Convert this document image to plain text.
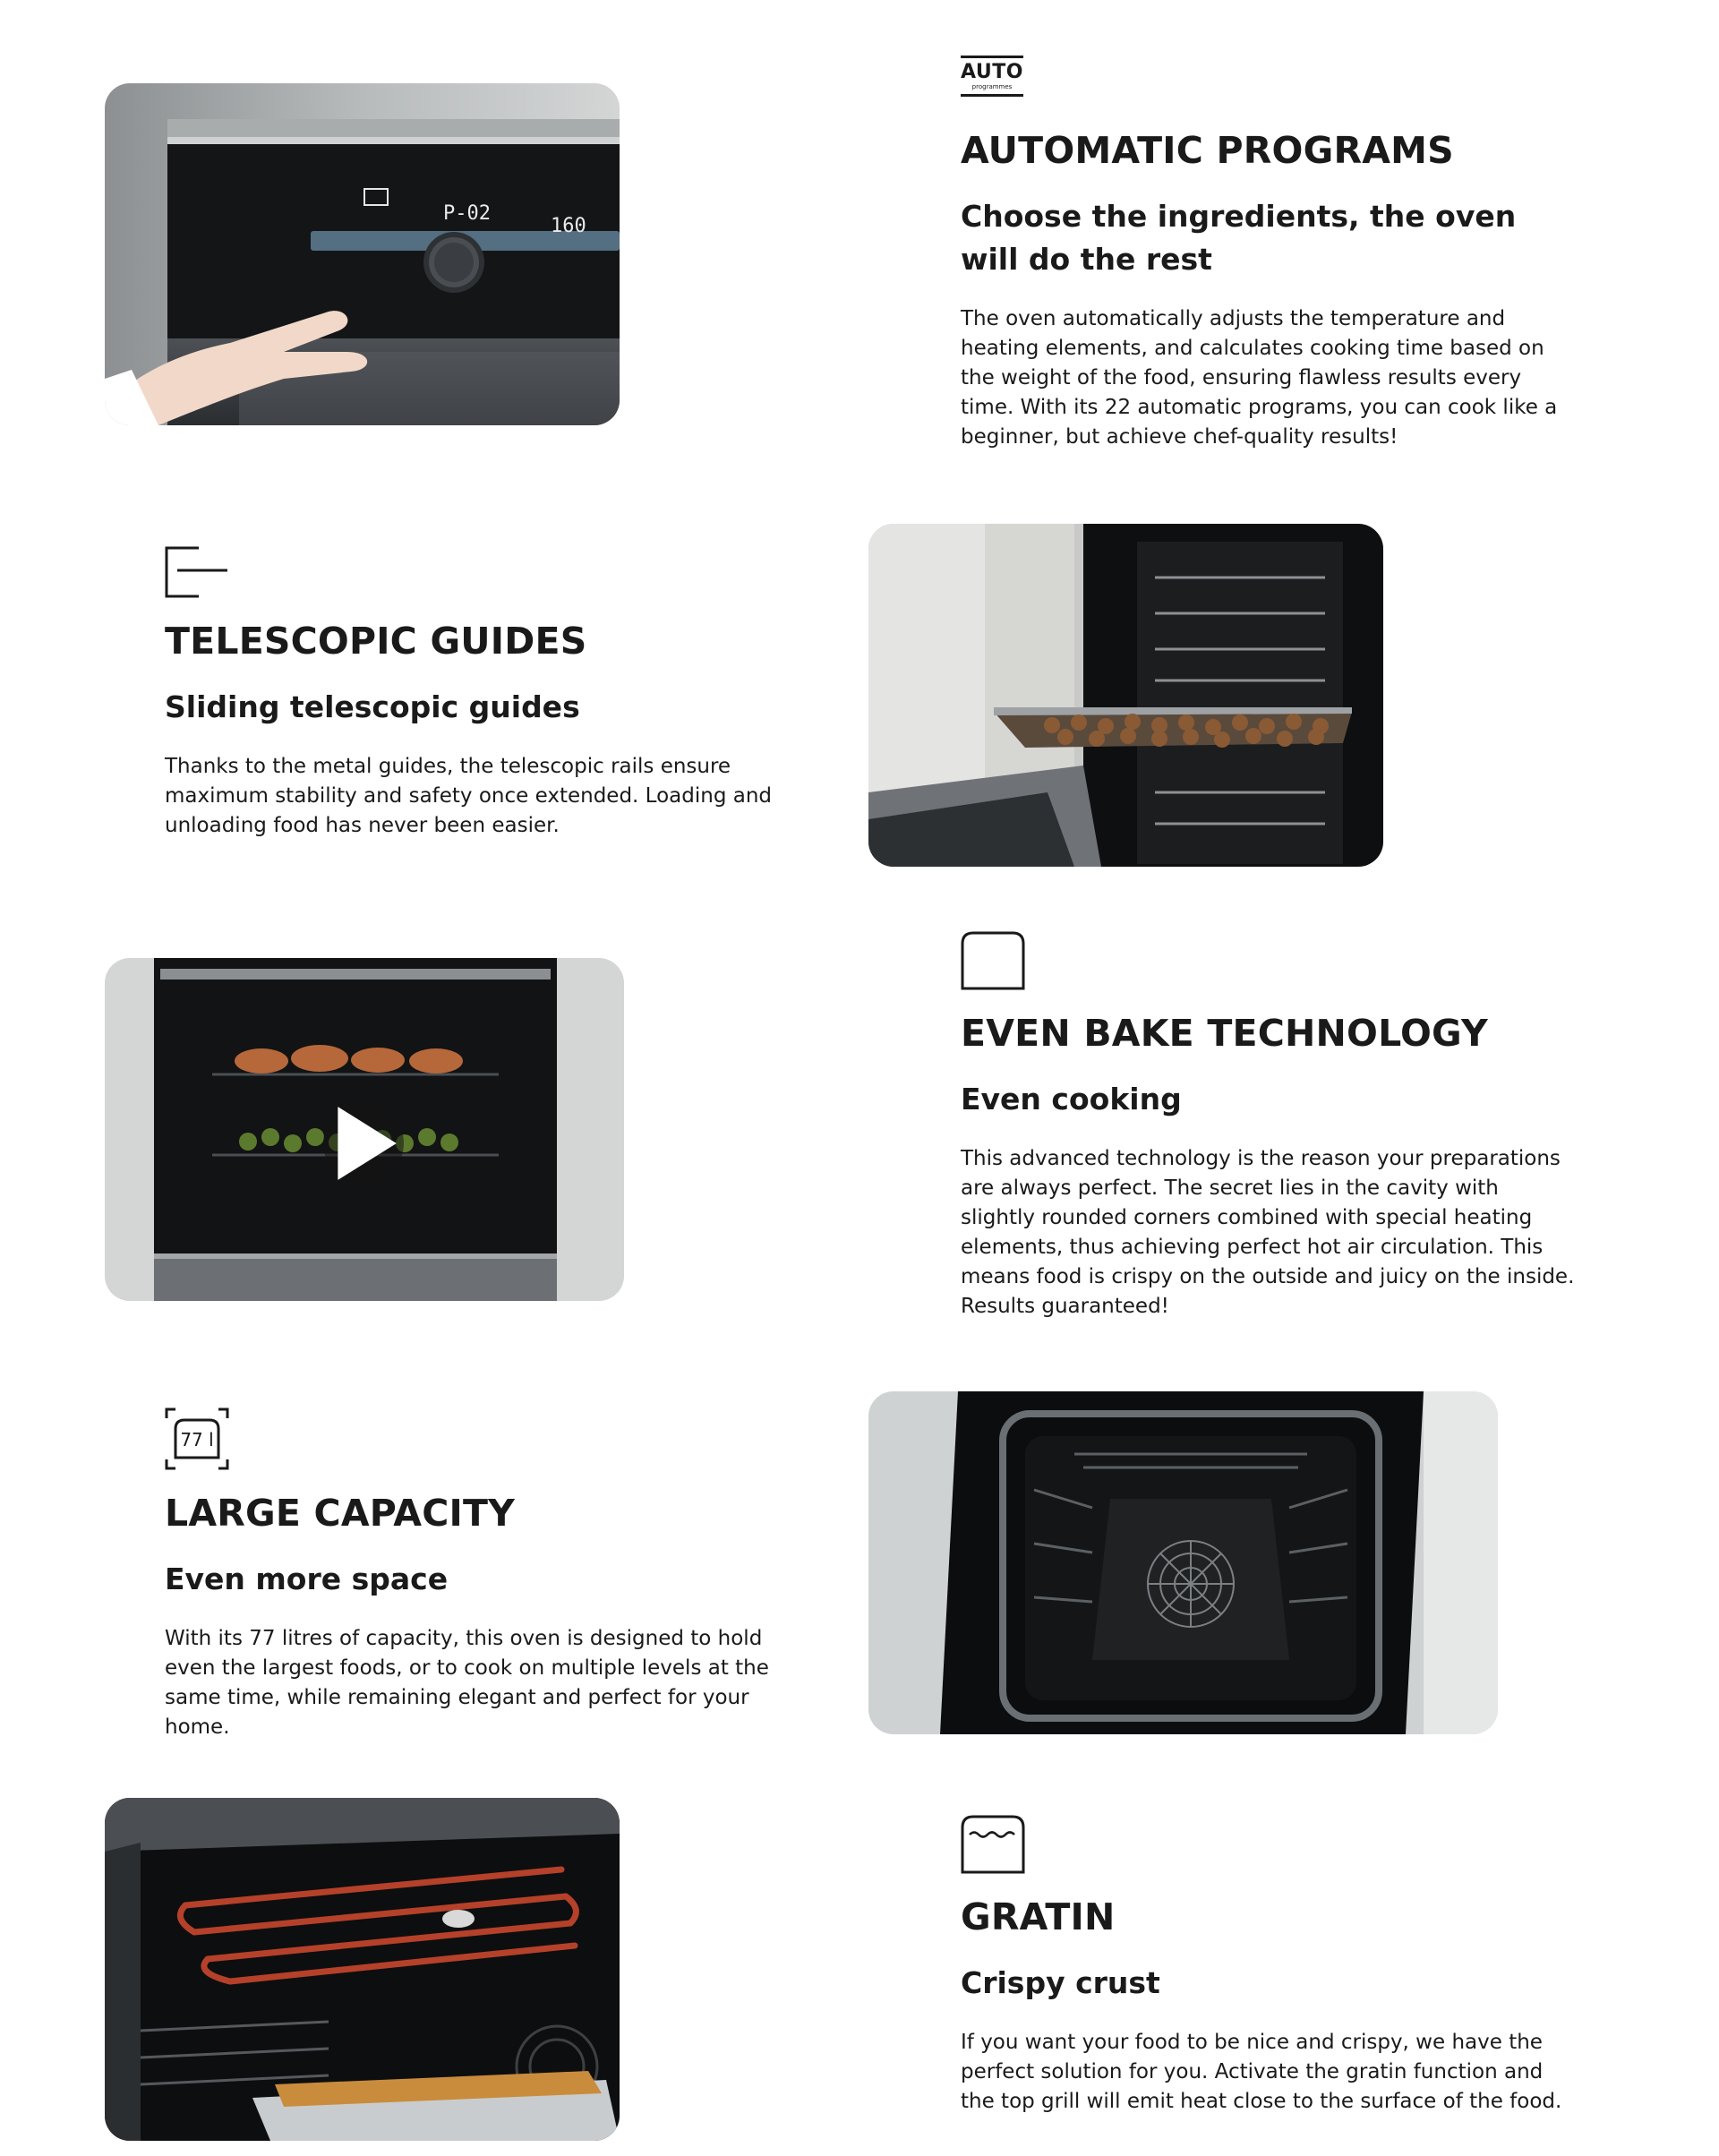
P-02
160
AUTO
programmes
AUTOMATIC PROGRAMS
Choose the ingredients, the oven will do the rest

The oven automatically adjusts the temperature and heating elements, and calculates cooking time based on the weight of the food, ensuring flawless results every time. With its 22 automatic programs, you can cook like a beginner, but achieve chef-quality results!

TELESCOPIC GUIDES
Sliding telescopic guides

Thanks to the metal guides, the telescopic rails ensure maximum stability and safety once extended. Loading and unloading food has never been easier.

EVEN BAKE TECHNOLOGY
Even cooking

This advanced technology is the reason your preparations are always perfect. The secret lies in the cavity with slightly rounded corners combined with special heating elements, thus achieving perfect hot air circulation. This means food is crispy on the outside and juicy on the inside. Results guaranteed!

77 l
LARGE CAPACITY
Even more space

With its 77 litres of capacity, this oven is designed to hold even the largest foods, or to cook on multiple levels at the same time, while remaining elegant and perfect for your home.

GRATIN
Crispy crust

If you want your food to be nice and crispy, we have the perfect solution for you. Activate the gratin function and the top grill will emit heat close to the surface of the food.
